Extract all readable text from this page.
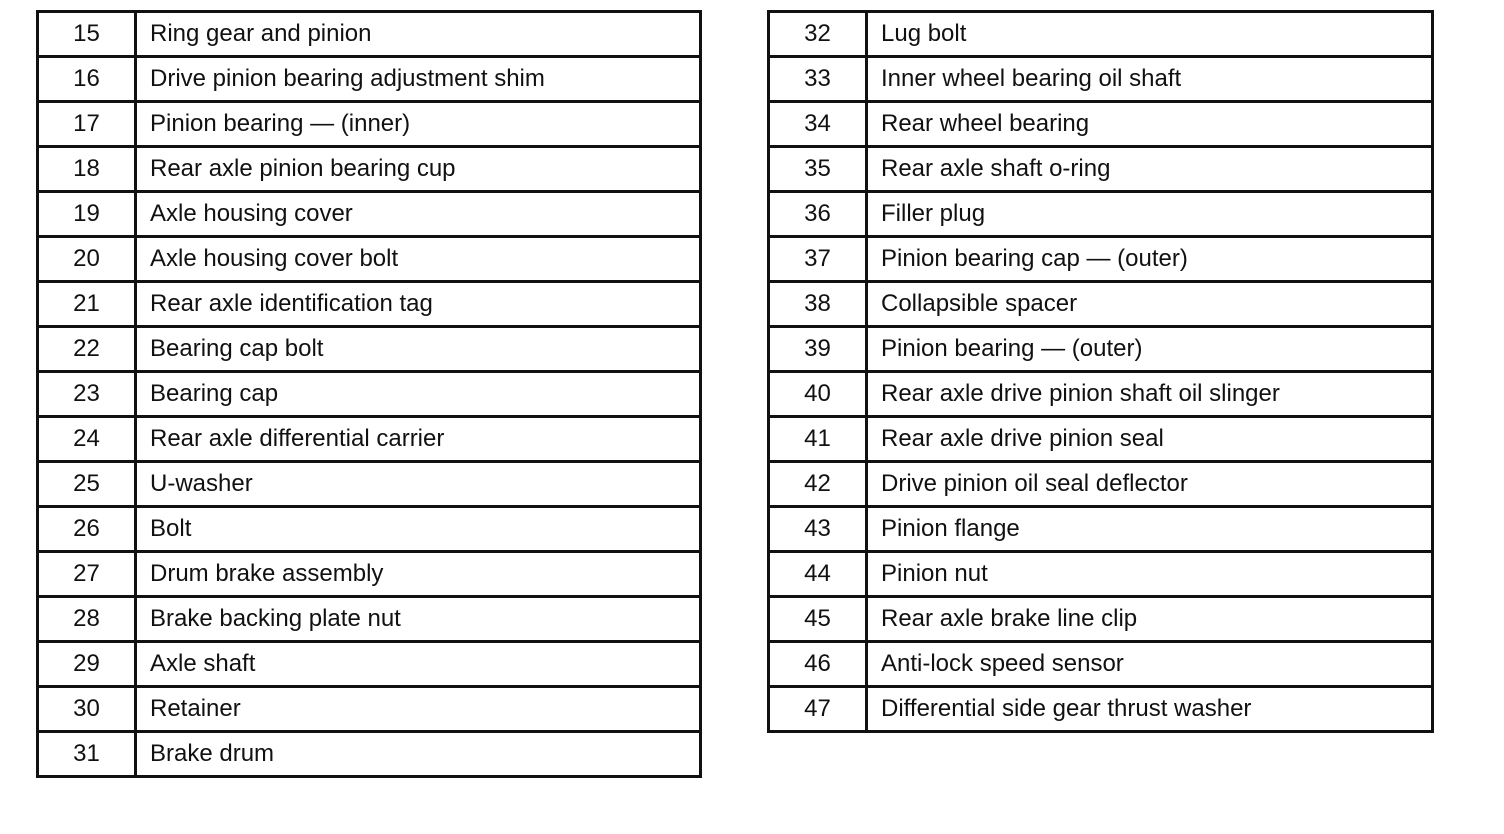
15	Ring gear and pinion
16	Drive pinion bearing adjustment shim
17	Pinion bearing — (inner)
18	Rear axle pinion bearing cup
19	Axle housing cover
20	Axle housing cover bolt
21	Rear axle identification tag
22	Bearing cap bolt
23	Bearing cap
24	Rear axle differential carrier
25	U-washer
26	Bolt
27	Drum brake assembly
28	Brake backing plate nut
29	Axle shaft
30	Retainer
31	Brake drum
32	Lug bolt
33	Inner wheel bearing oil shaft
34	Rear wheel bearing
35	Rear axle shaft o-ring
36	Filler plug
37	Pinion bearing cap — (outer)
38	Collapsible spacer
39	Pinion bearing — (outer)
40	Rear axle drive pinion shaft oil slinger
41	Rear axle drive pinion seal
42	Drive pinion oil seal deflector
43	Pinion flange
44	Pinion nut
45	Rear axle brake line clip
46	Anti-lock speed sensor
47	Differential side gear thrust washer
